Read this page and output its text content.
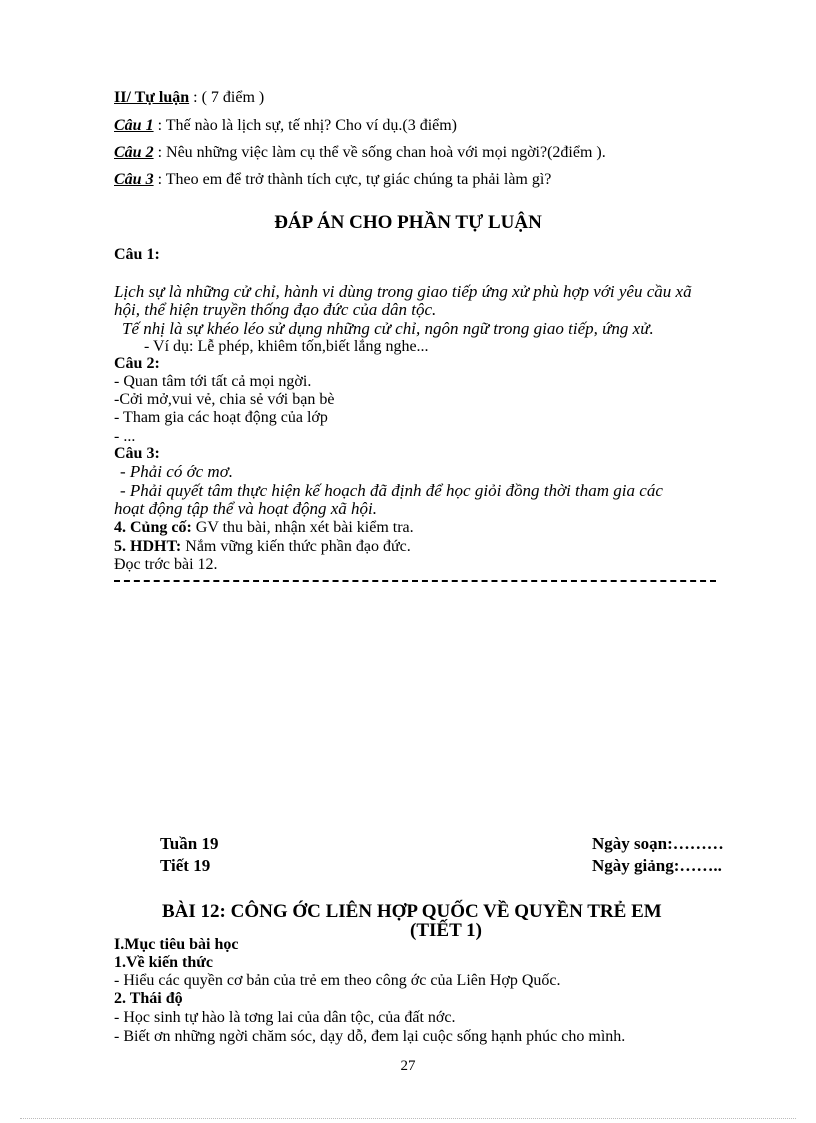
II/ Tự luận : ( 7 điểm )
Câu 1 : Thế nào là lịch sự, tế nhị? Cho ví dụ.(3 điểm)
Câu 2 : Nêu những việc làm cụ thể về sống chan hoà với mọi ngời?(2điểm ).
Câu 3 : Theo em để trở thành tích cực, tự giác chúng ta phải làm gì?
ĐÁP ÁN CHO PHẦN TỰ LUẬN
Câu 1:
Lịch sự là những cử chỉ, hành vi dùng trong giao tiếp ứng xử phù hợp với yêu cầu xã
hội, thể hiện truyền thống đạo đức của dân tộc.
Tế nhị là sự khéo léo sử dụng những cử chỉ, ngôn ngữ trong giao tiếp, ứng xử.
- Ví dụ: Lễ phép, khiêm tốn,biết lắng nghe...
Câu 2:
- Quan tâm tới tất cả mọi ngời.
-Cởi mở,vui vẻ, chia sẻ với bạn bè
- Tham gia các hoạt động của lớp
- ...
Câu 3:
- Phải có ớc mơ.
- Phải quyết tâm thực hiện kế hoạch đã định để học giỏi đồng thời tham gia các
hoạt động tập thể và hoạt động xã hội.
4. Củng cố: GV thu bài, nhận xét bài kiểm tra.
5. HDHT: Nắm vững kiến thức phần đạo đức.
Đọc trớc bài 12.
Tuần 19
Tiết 19
Ngày soạn:………
Ngày giảng:……..
BÀI 12: CÔNG ỚC LIÊN HỢP QUỐC VỀ QUYỀN TRẺ EM
(TIẾT 1)
I.Mục tiêu bài học
1.Về kiến thức
- Hiểu các quyền cơ bản của trẻ em theo công ớc của Liên Hợp Quốc.
2. Thái độ
- Học sinh tự hào là tơng lai của dân tộc, của đất nớc.
- Biết ơn những ngời chăm sóc, dạy dỗ, đem lại cuộc sống hạnh phúc cho mình.
27
